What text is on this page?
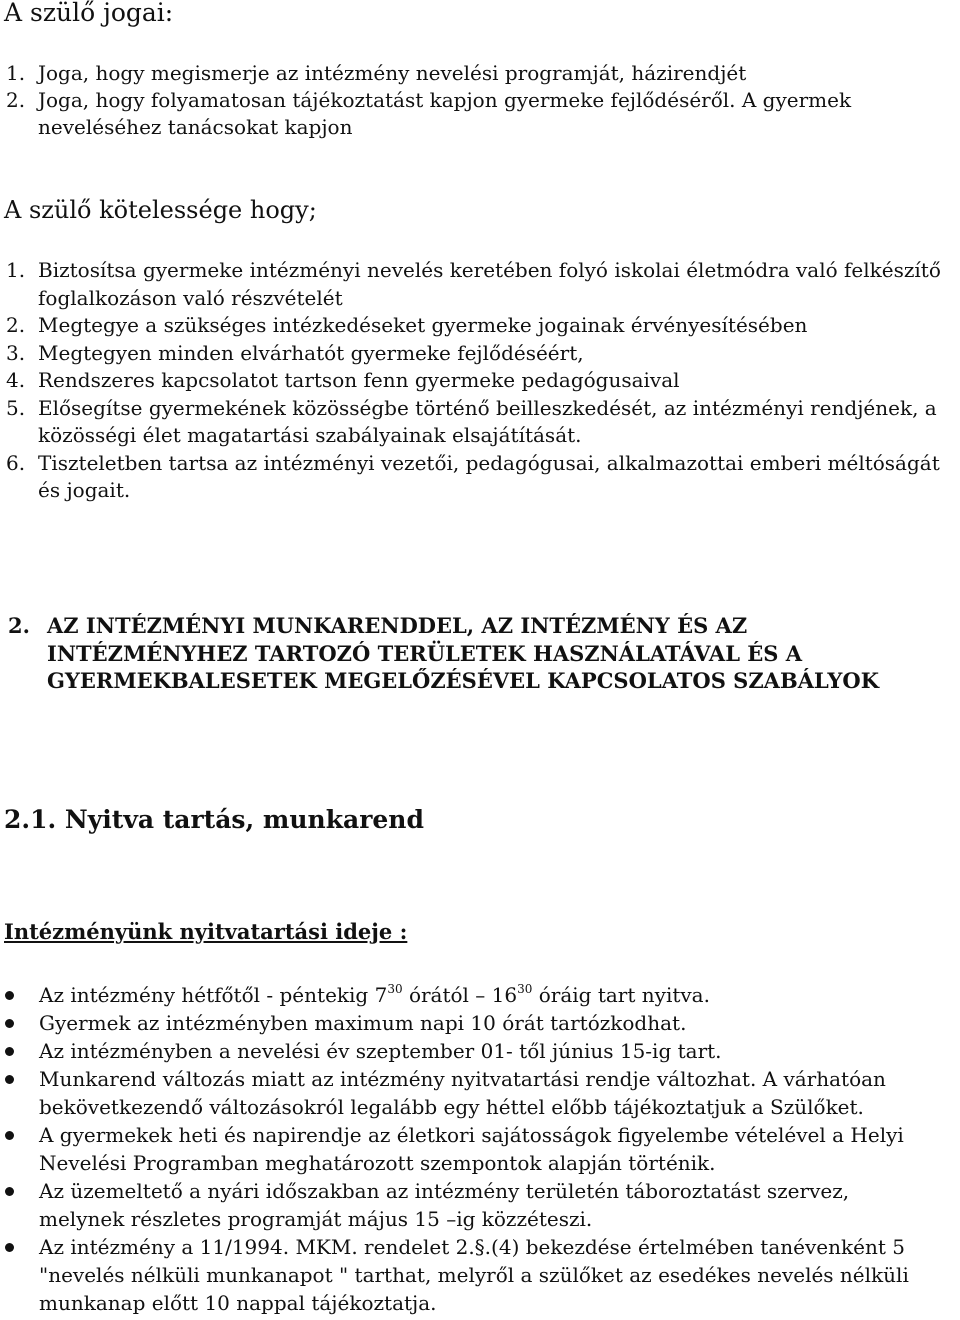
A szülő jogai:
1. Joga, hogy megismerje az intézmény nevelési programját, házirendjét
2. Joga, hogy folyamatosan tájékoztatást kapjon gyermeke fejlődéséről. A gyermek neveléséhez tanácsokat kapjon
A szülő kötelessége hogy;
1. Biztosítsa gyermeke intézményi nevelés keretében folyó iskolai életmódra való felkészítő foglalkozáson való részvételét
2. Megtegye a szükséges intézkedéseket gyermeke jogainak érvényesítésében
3. Megtegyen minden elvárhatót gyermeke fejlődéséért,
4. Rendszeres kapcsolatot tartson fenn gyermeke pedagógusaival
5. Elősegítse gyermekének közösségbe történő beilleszkedését, az intézményi rendjének, a közösségi élet magatartási szabályainak elsajátítását.
6. Tiszteletben tartsa az intézményi vezetői, pedagógusai, alkalmazottai emberi méltóságát és jogait.
2. AZ INTÉZMÉNYI MUNKARENDDEL, AZ INTÉZMÉNY ÉS AZ INTÉZMÉNYHEZ TARTOZÓ TERÜLETEK HASZNÁLATÁVAL ÉS A GYERMEKBALESETEK MEGELŐZÉSÉVEL KAPCSOLATOS SZABÁLYOK
2.1. Nyitva tartás, munkarend
Intézményünk nyitvatartási ideje :
Az intézmény hétfőtől - péntekig $7^{30}$ órától – $16^{30}$ óráig tart nyitva.
Gyermek az intézményben maximum napi 10 órát tartózkodhat.
Az intézményben a nevelési év szeptember 01- től június 15-ig tart.
Munkarend változás miatt az intézmény nyitvatartási rendje változhat. A várhatóan bekövetkezendő változásokról legalább egy héttel előbb tájékoztatjuk a Szülőket.
A gyermekek heti és napirendje az életkori sajátosságok figyelembe vételével a Helyi Nevelési Programban meghatározott szempontok alapján történik.
Az üzemeltető a nyári időszakban az intézmény területén táboroztatást szervez, melynek részletes programját május 15 –ig közzéteszi.
Az intézmény a 11/1994. MKM. rendelet 2.§.(4) bekezdése értelmében tanévenként 5 "nevelés nélküli munkanapot " tarthat, melyről a szülőket az esedékes nevelés nélküli munkanap előtt 10 nappal tájékoztatja.
